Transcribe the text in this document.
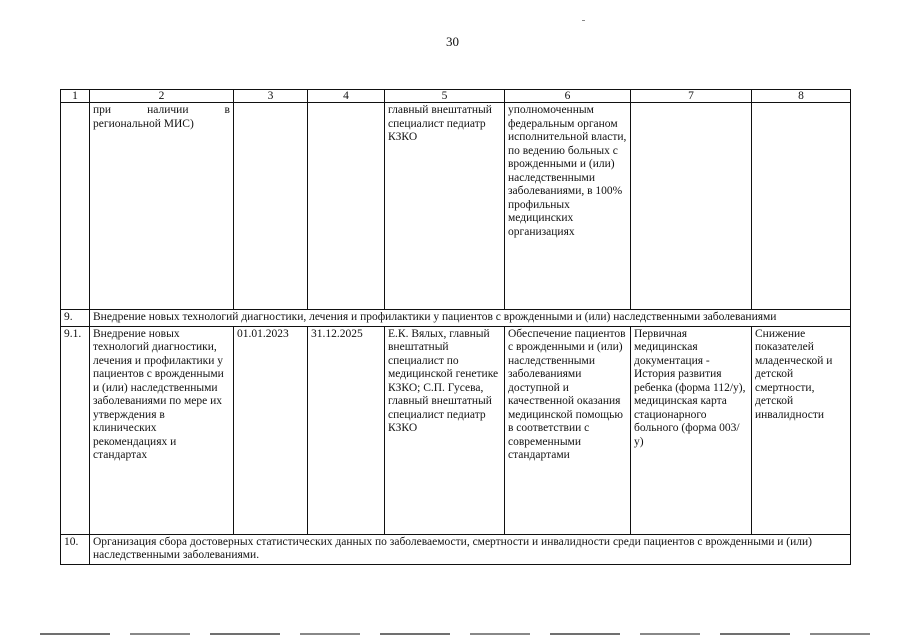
30
1	2	3	4	5	6	7	8
	при наличии в региональной МИС)			главный внештатный специалист педиатр КЗКО	уполномоченным федеральным органом исполнительной власти, по ведению больных с врожденными и (или) наследственными заболеваниями, в 100% профильных медицинских организациях		
9.	Внедрение новых технологий диагностики, лечения и профилактики у пациентов с врожденными и (или) наследственными заболеваниями						
9.1.	Внедрение новых технологий диагностики, лечения и профилактики у пациентов с врожденными и (или) наследственными заболеваниями по мере их утверждения в клинических рекомендациях и стандартах	01.01.2023	31.12.2025	Е.К. Вялых, главный внештатный специалист по медицинской генетике КЗКО; С.П. Гусева, главный внештатный специалист педиатр КЗКО	Обеспечение пациентов с врожденными и (или) наследственными заболеваниями доступной и качественной оказания медицинской помощью в соответствии с современными стандартами	Первичная медицинская документация - История развития ребенка (форма 112/у), медицинская карта стационарного больного (форма 003/у)	Снижение показателей младенческой и детской смертности, детской инвалидности
10.	Организация сбора достоверных статистических данных по заболеваемости, смертности и инвалидности среди пациентов с врожденными и (или) наследственными заболеваниями.						
